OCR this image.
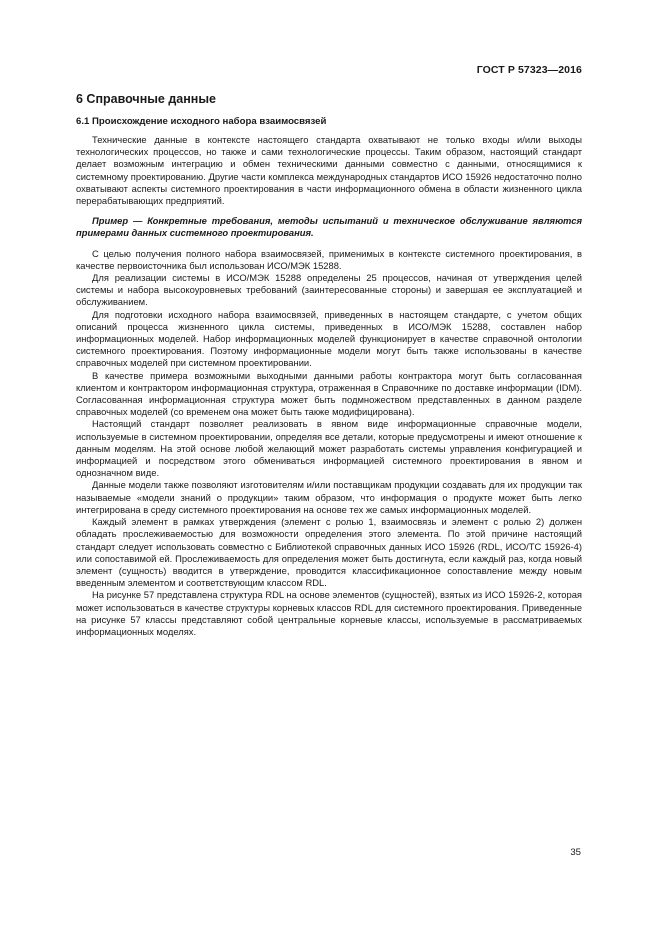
ГОСТ Р 57323—2016
6 Справочные данные
6.1 Происхождение исходного набора взаимосвязей

Технические данные в контексте настоящего стандарта охватывают не только входы и/или выходы технологических процессов, но также и сами технологические процессы. Таким образом, настоящий стандарт делает возможным интеграцию и обмен техническими данными совместно с данными, относящимися к системному проектированию. Другие части комплекса международных стандартов ИСО 15926 недостаточно полно охватывают аспекты системного проектирования в части информационного обмена в области жизненного цикла перерабатывающих предприятий.

Пример — Конкретные требования, методы испытаний и техническое обслуживание являются примерами данных системного проектирования.

С целью получения полного набора взаимосвязей, применимых в контексте системного проектирования, в качестве первоисточника был использован ИСО/МЭК 15288.

Для реализации системы в ИСО/МЭК 15288 определены 25 процессов, начиная от утверждения целей системы и набора высокоуровневых требований (заинтересованные стороны) и завершая ее эксплуатацией и обслуживанием.

Для подготовки исходного набора взаимосвязей, приведенных в настоящем стандарте, с учетом общих описаний процесса жизненного цикла системы, приведенных в ИСО/МЭК 15288, составлен набор информационных моделей. Набор информационных моделей функционирует в качестве справочной онтологии системного проектирования. Поэтому информационные модели могут быть также использованы в качестве справочных моделей при системном проектировании.

В качестве примера возможными выходными данными работы контрактора могут быть согласованная клиентом и контрактором информационная структура, отраженная в Справочнике по доставке информации (IDM). Согласованная информационная структура может быть подмножеством представленных в данном разделе справочных моделей (со временем она может быть также модифицирована).

Настоящий стандарт позволяет реализовать в явном виде информационные справочные модели, используемые в системном проектировании, определяя все детали, которые предусмотрены и имеют отношение к данным моделям. На этой основе любой желающий может разработать системы управления конфигурацией и информацией и посредством этого обмениваться информацией системного проектирования в явном и однозначном виде.

Данные модели также позволяют изготовителям и/или поставщикам продукции создавать для их продукции так называемые «модели знаний о продукции» таким образом, что информация о продукте может быть легко интегрирована в среду системного проектирования на основе тех же самых информационных моделей.

Каждый элемент в рамках утверждения (элемент с ролью 1, взаимосвязь и элемент с ролью 2) должен обладать прослеживаемостью для возможности определения этого элемента. По этой причине настоящий стандарт следует использовать совместно с Библиотекой справочных данных ИСО 15926 (RDL, ИСО/ТС 15926-4) или сопоставимой ей. Прослеживаемость для определения может быть достигнута, если каждый раз, когда новый элемент (сущность) вводится в утверждение, проводится классификационное сопоставление между новым введенным элементом и соответствующим классом RDL.

На рисунке 57 представлена структура RDL на основе элементов (сущностей), взятых из ИСО 15926-2, которая может использоваться в качестве структуры корневых классов RDL для системного проектирования. Приведенные на рисунке 57 классы представляют собой центральные корневые классы, используемые в рассматриваемых информационных моделях.

35
